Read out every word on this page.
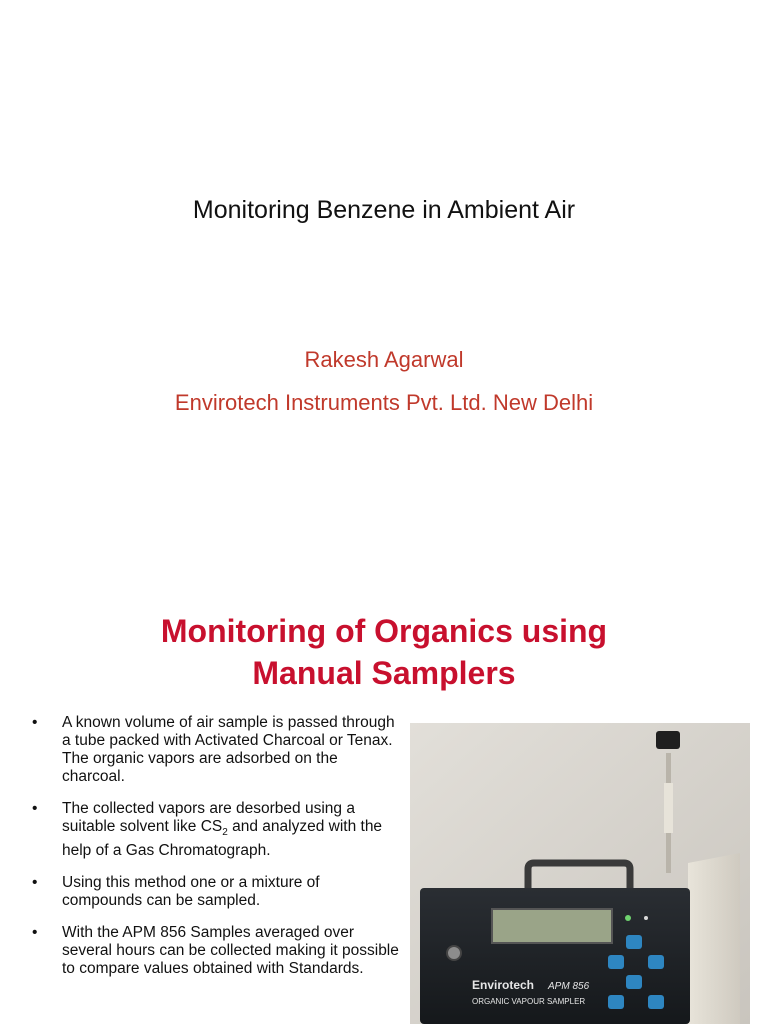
Monitoring Benzene in Ambient Air
Rakesh Agarwal
Envirotech Instruments Pvt. Ltd. New Delhi
Monitoring of Organics using
Manual Samplers
• A known volume of air sample is passed through a tube packed with Activated Charcoal or Tenax. The organic vapors are adsorbed on the charcoal.
• The collected vapors are desorbed using a suitable solvent like $CS_2$ and analyzed with the help of a Gas Chromatograph.
• Using this method one or a mixture of compounds can be sampled.
• With the APM 856 Samples averaged over several hours can be collected making it possible to compare values obtained with Standards.
Envirotech APM 856
ORGANIC VAPOUR SAMPLER
